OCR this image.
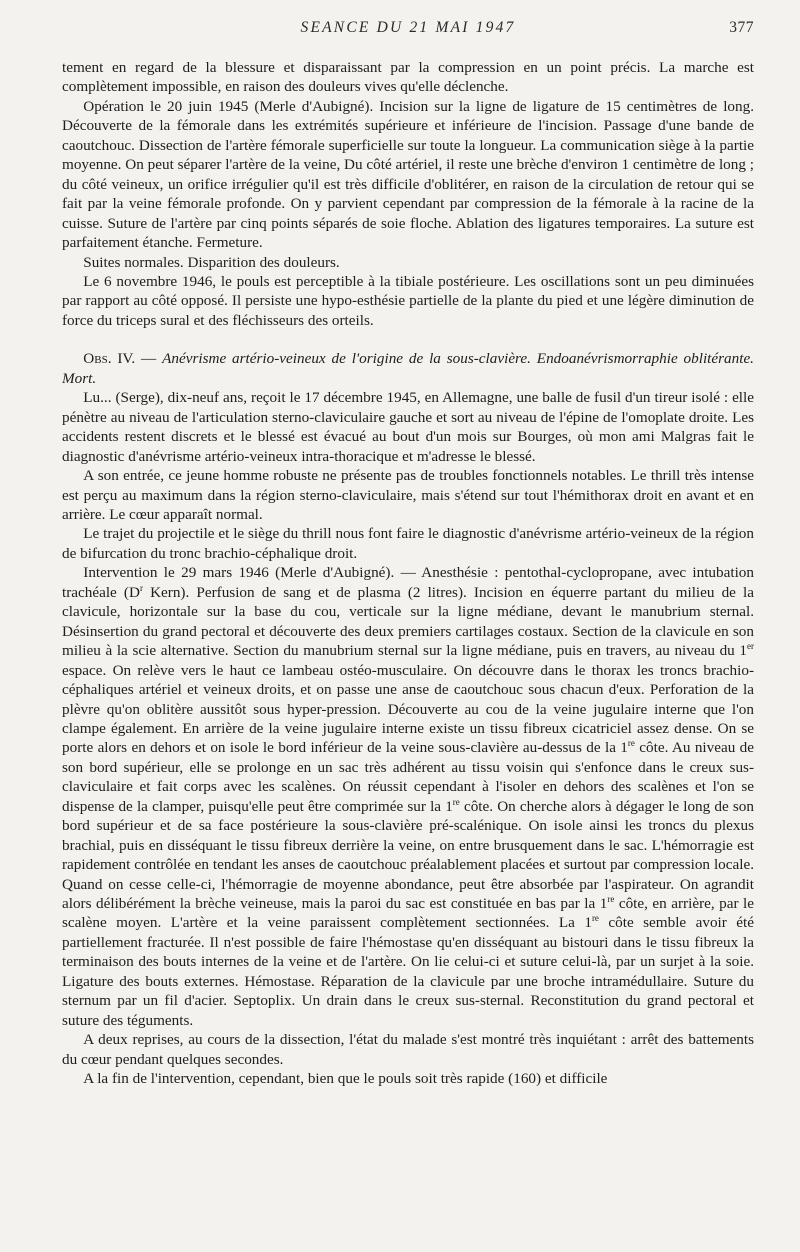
SEANCE DU 21 MAI 1947	377

tement en regard de la blessure et disparaissant par la compression en un point précis. La marche est complètement impossible, en raison des douleurs vives qu'elle déclenche.

Opération le 20 juin 1945 (Merle d'Aubigné). Incision sur la ligne de ligature de 15 centimètres de long. Découverte de la fémorale dans les extrémités supérieure et inférieure de l'incision. Passage d'une bande de caoutchouc. Dissection de l'artère fémorale superficielle sur toute la longueur. La communication siège à la partie moyenne. On peut séparer l'artère de la veine, Du côté artériel, il reste une brèche d'environ 1 centimètre de long ; du côté veineux, un orifice irrégulier qu'il est très difficile d'oblitérer, en raison de la circulation de retour qui se fait par la veine fémorale profonde. On y parvient cependant par compression de la fémorale à la racine de la cuisse. Suture de l'artère par cinq points séparés de soie floche. Ablation des ligatures temporaires. La suture est parfaitement étanche. Fermeture.

Suites normales. Disparition des douleurs.

Le 6 novembre 1946, le pouls est perceptible à la tibiale postérieure. Les oscillations sont un peu diminuées par rapport au côté opposé. Il persiste une hypo-esthésie partielle de la plante du pied et une légère diminution de force du triceps sural et des fléchisseurs des orteils.

Obs. IV. — Anévrisme artério-veineux de l'origine de la sous-clavière. Endoanévrismorraphie oblitérante. Mort.

Lu... (Serge), dix-neuf ans, reçoit le 17 décembre 1945, en Allemagne, une balle de fusil d'un tireur isolé : elle pénètre au niveau de l'articulation sterno-claviculaire gauche et sort au niveau de l'épine de l'omoplate droite. Les accidents restent discrets et le blessé est évacué au bout d'un mois sur Bourges, où mon ami Malgras fait le diagnostic d'anévrisme artério-veineux intra-thoracique et m'adresse le blessé.

A son entrée, ce jeune homme robuste ne présente pas de troubles fonctionnels notables. Le thrill très intense est perçu au maximum dans la région sterno-claviculaire, mais s'étend sur tout l'hémithorax droit en avant et en arrière. Le cœur apparaît normal.

Le trajet du projectile et le siège du thrill nous font faire le diagnostic d'anévrisme artério-veineux de la région de bifurcation du tronc brachio-céphalique droit.

Intervention le 29 mars 1946 (Merle d'Aubigné). — Anesthésie : pentothal-cyclopropane, avec intubation trachéale ($D^r$ Kern). Perfusion de sang et de plasma (2 litres). Incision en équerre partant du milieu de la clavicule, horizontale sur la base du cou, verticale sur la ligne médiane, devant le manubrium sternal. Désinsertion du grand pectoral et découverte des deux premiers cartilages costaux. Section de la clavicule en son milieu à la scie alternative. Section du manubrium sternal sur la ligne médiane, puis en travers, au niveau du 1er espace. On relève vers le haut ce lambeau ostéo-musculaire. On découvre dans le thorax les troncs brachio-céphaliques artériel et veineux droits, et on passe une anse de caoutchouc sous chacun d'eux. Perforation de la plèvre qu'on oblitère aussitôt sous hyper-pression. Découverte au cou de la veine jugulaire interne que l'on clampe également. En arrière de la veine jugulaire interne existe un tissu fibreux cicatriciel assez dense. On se porte alors en dehors et on isole le bord inférieur de la veine sous-clavière au-dessus de la 1re côte. Au niveau de son bord supérieur, elle se prolonge en un sac très adhérent au tissu voisin qui s'enfonce dans le creux sus-claviculaire et fait corps avec les scalènes. On réussit cependant à l'isoler en dehors des scalènes et l'on se dispense de la clamper, puisqu'elle peut être comprimée sur la 1re côte. On cherche alors à dégager le long de son bord supérieur et de sa face postérieure la sous-clavière pré-scalénique. On isole ainsi les troncs du plexus brachial, puis en disséquant le tissu fibreux derrière la veine, on entre brusquement dans le sac. L'hémorragie est rapidement contrôlée en tendant les anses de caoutchouc préalablement placées et surtout par compression locale. Quand on cesse celle-ci, l'hémorragie de moyenne abondance, peut être absorbée par l'aspirateur. On agrandit alors délibérément la brèche veineuse, mais la paroi du sac est constituée en bas par la 1re côte, en arrière, par le scalène moyen. L'artère et la veine paraissent complètement sectionnées. La 1re côte semble avoir été partiellement fracturée. Il n'est possible de faire l'hémostase qu'en disséquant au bistouri dans le tissu fibreux la terminaison des bouts internes de la veine et de l'artère. On lie celui-ci et suture celui-là, par un surjet à la soie. Ligature des bouts externes. Hémostase. Réparation de la clavicule par une broche intramédullaire. Suture du sternum par un fil d'acier. Septoplix. Un drain dans le creux sus-sternal. Reconstitution du grand pectoral et suture des téguments.

A deux reprises, au cours de la dissection, l'état du malade s'est montré très inquiétant : arrêt des battements du cœur pendant quelques secondes.

A la fin de l'intervention, cependant, bien que le pouls soit très rapide (160) et difficile
